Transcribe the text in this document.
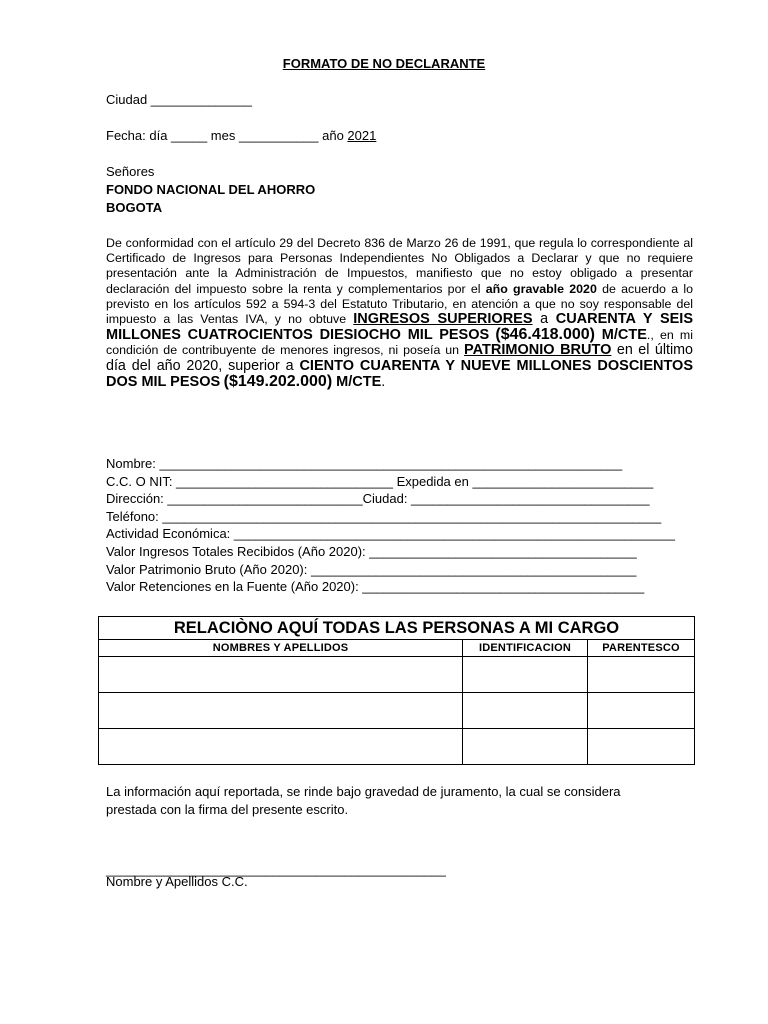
FORMATO DE NO DECLARANTE
Ciudad ______________
Fecha: día _____ mes ___________ año 2021
Señores
FONDO NACIONAL DEL AHORRO
BOGOTA
De conformidad con el artículo 29 del Decreto 836 de Marzo 26 de 1991, que regula lo correspondiente al Certificado de Ingresos para Personas Independientes No Obligados a Declarar y que no requiere presentación ante la Administración de Impuestos, manifiesto que no estoy obligado a presentar declaración del impuesto sobre la renta y complementarios por el año gravable 2020 de acuerdo a lo previsto en los artículos 592 a 594-3 del Estatuto Tributario, en atención a que no soy responsable del impuesto a las Ventas IVA, y no obtuve INGRESOS SUPERIORES a CUARENTA Y SEIS MILLONES CUATROCIENTOS DIESIOCHO MIL PESOS ($46.418.000) M/CTE., en mi condición de contribuyente de menores ingresos, ni poseía un PATRIMONIO BRUTO en el último día del año 2020, superior a CIENTO CUARENTA Y NUEVE MILLONES DOSCIENTOS DOS MIL PESOS ($149.202.000) M/CTE.
Nombre: ________________________________________________________________
C.C. O NIT: ______________________________ Expedida en _________________________
Dirección: ___________________________Ciudad: _________________________________
Teléfono: _____________________________________________________________________
Actividad Económica: _____________________________________________________________
Valor Ingresos Totales Recibidos (Año 2020): _____________________________________
Valor Patrimonio Bruto (Año 2020): _____________________________________________
Valor Retenciones en la Fuente (Año 2020): _______________________________________
RELACIÒNO AQUÍ TODAS LAS PERSONAS A MI CARGO		
NOMBRES Y APELLIDOS	IDENTIFICACION	PARENTESCO

La información aquí reportada, se rinde bajo gravedad de juramento, la cual se considera prestada con la firma del presente escrito.
_______________________________________________
Nombre y Apellidos C.C.
